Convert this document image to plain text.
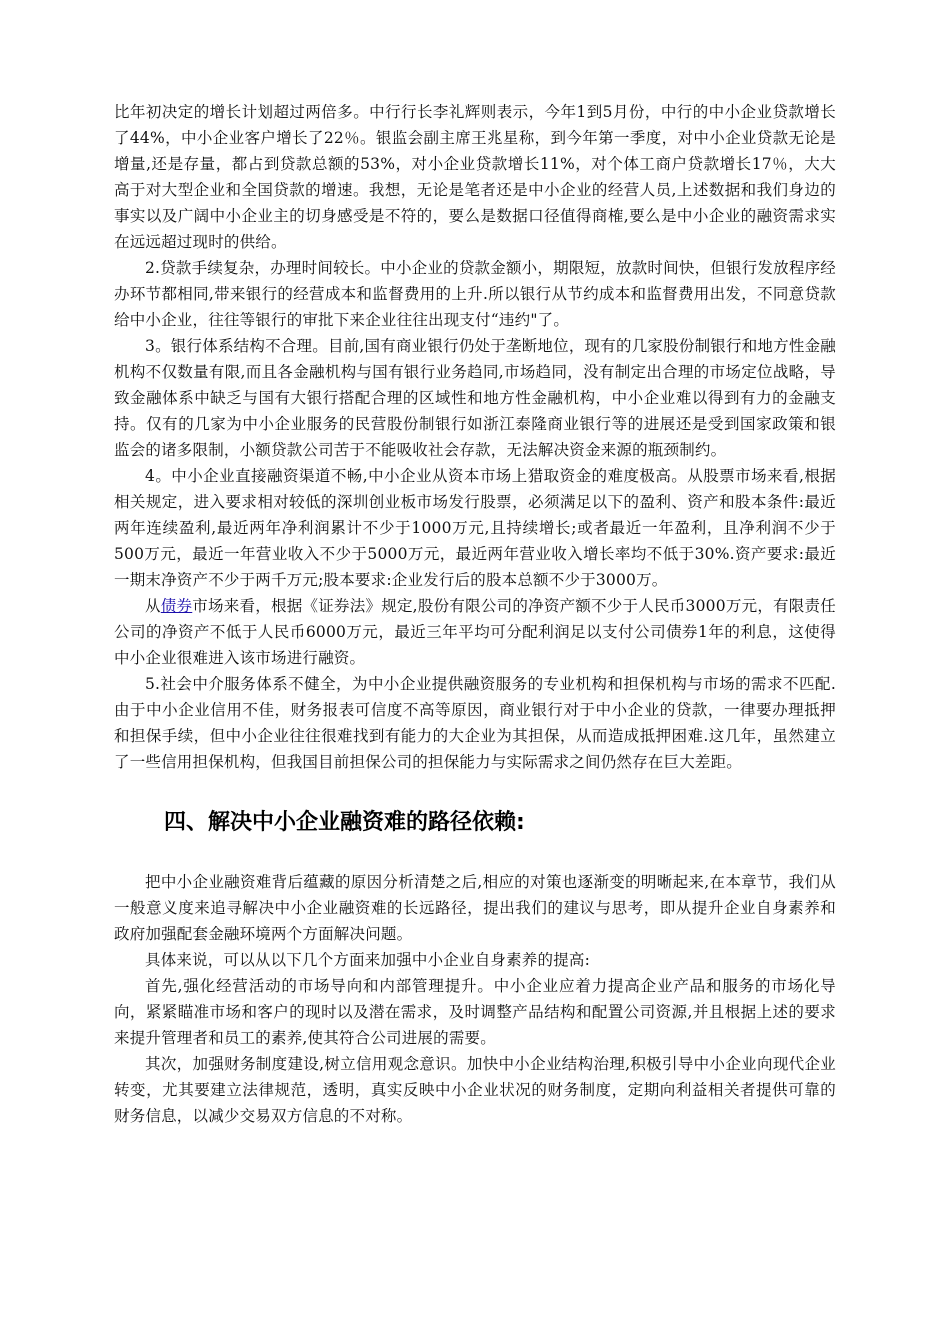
比年初决定的增长计划超过两倍多。中行行长李礼辉则表示，今年1到5月份，中行的中小企业贷款增长了44%，中小企业客户增长了22％。银监会副主席王兆星称，到今年第一季度，对中小企业贷款无论是增量,还是存量，都占到贷款总额的53%，对小企业贷款增长11%，对个体工商户贷款增长17％，大大高于对大型企业和全国贷款的增速。我想，无论是笔者还是中小企业的经营人员,上述数据和我们身边的事实以及广阔中小企业主的切身感受是不符的，要么是数据口径值得商榷,要么是中小企业的融资需求实在远远超过现时的供给。

2.贷款手续复杂，办理时间较长。中小企业的贷款金额小，期限短，放款时间快，但银行发放程序经办环节都相同,带来银行的经营成本和监督费用的上升.所以银行从节约成本和监督费用出发，不同意贷款给中小企业，往往等银行的审批下来企业往往出现支付“违约"了。

3。银行体系结构不合理。目前,国有商业银行仍处于垄断地位，现有的几家股份制银行和地方性金融机构不仅数量有限,而且各金融机构与国有银行业务趋同,市场趋同，没有制定出合理的市场定位战略，导致金融体系中缺乏与国有大银行搭配合理的区域性和地方性金融机构，中小企业难以得到有力的金融支持。仅有的几家为中小企业服务的民营股份制银行如浙江泰隆商业银行等的进展还是受到国家政策和银监会的诸多限制，小额贷款公司苦于不能吸收社会存款，无法解决资金来源的瓶颈制约。

4。中小企业直接融资渠道不畅,中小企业从资本市场上猎取资金的难度极高。从股票市场来看,根据相关规定，进入要求相对较低的深圳创业板市场发行股票，必须满足以下的盈利、资产和股本条件:最近两年连续盈利,最近两年净利润累计不少于1000万元,且持续增长;或者最近一年盈利，且净利润不少于500万元，最近一年营业收入不少于5000万元，最近两年营业收入增长率均不低于30%.资产要求:最近一期末净资产不少于两千万元;股本要求:企业发行后的股本总额不少于3000万。

从债券市场来看，根据《证券法》规定,股份有限公司的净资产额不少于人民币3000万元，有限责任公司的净资产不低于人民币6000万元，最近三年平均可分配利润足以支付公司债券1年的利息，这使得中小企业很难进入该市场进行融资。

5.社会中介服务体系不健全，为中小企业提供融资服务的专业机构和担保机构与市场的需求不匹配.由于中小企业信用不佳，财务报表可信度不高等原因，商业银行对于中小企业的贷款，一律要办理抵押和担保手续，但中小企业往往很难找到有能力的大企业为其担保，从而造成抵押困难.这几年，虽然建立了一些信用担保机构，但我国目前担保公司的担保能力与实际需求之间仍然存在巨大差距。

四、解决中小企业融资难的路径依赖:

把中小企业融资难背后蕴藏的原因分析清楚之后,相应的对策也逐渐变的明晰起来,在本章节，我们从一般意义度来追寻解决中小企业融资难的长远路径，提出我们的建议与思考，即从提升企业自身素养和政府加强配套金融环境两个方面解决问题。

具体来说，可以从以下几个方面来加强中小企业自身素养的提高:

首先,强化经营活动的市场导向和内部管理提升。中小企业应着力提高企业产品和服务的市场化导向，紧紧瞄准市场和客户的现时以及潜在需求，及时调整产品结构和配置公司资源,并且根据上述的要求来提升管理者和员工的素养,使其符合公司进展的需要。

其次，加强财务制度建设,树立信用观念意识。加快中小企业结构治理,积极引导中小企业向现代企业转变，尤其要建立法律规范，透明，真实反映中小企业状况的财务制度，定期向利益相关者提供可靠的财务信息，以减少交易双方信息的不对称。
